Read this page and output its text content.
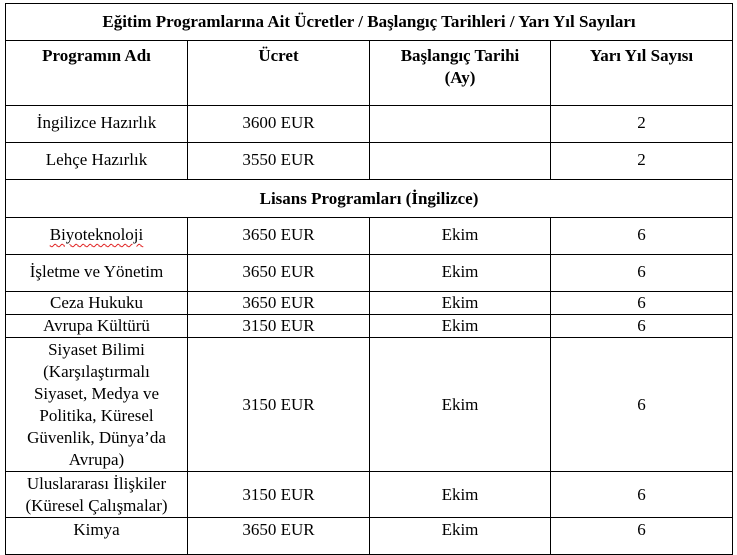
Eğitim Programlarına Ait Ücretler / Başlangıç Tarihleri / Yarı Yıl Sayıları			
Programın Adı	Ücret	Başlangıç Tarihi (Ay)	Yarı Yıl Sayısı
İngilizce Hazırlık	3600 EUR		2
Lehçe Hazırlık	3550 EUR		2
Lisans Programları (İngilizce)			
Biyoteknoloji	3650 EUR	Ekim	6
İşletme ve Yönetim	3650 EUR	Ekim	6
Ceza Hukuku	3650 EUR	Ekim	6
Avrupa Kültürü	3150 EUR	Ekim	6
Siyaset Bilimi (Karşılaştırmalı Siyaset, Medya ve Politika, Küresel Güvenlik, Dünya’da Avrupa)	3150 EUR	Ekim	6
Uluslararası İlişkiler (Küresel Çalışmalar)	3150 EUR	Ekim	6
Kimya	3650 EUR	Ekim	6
